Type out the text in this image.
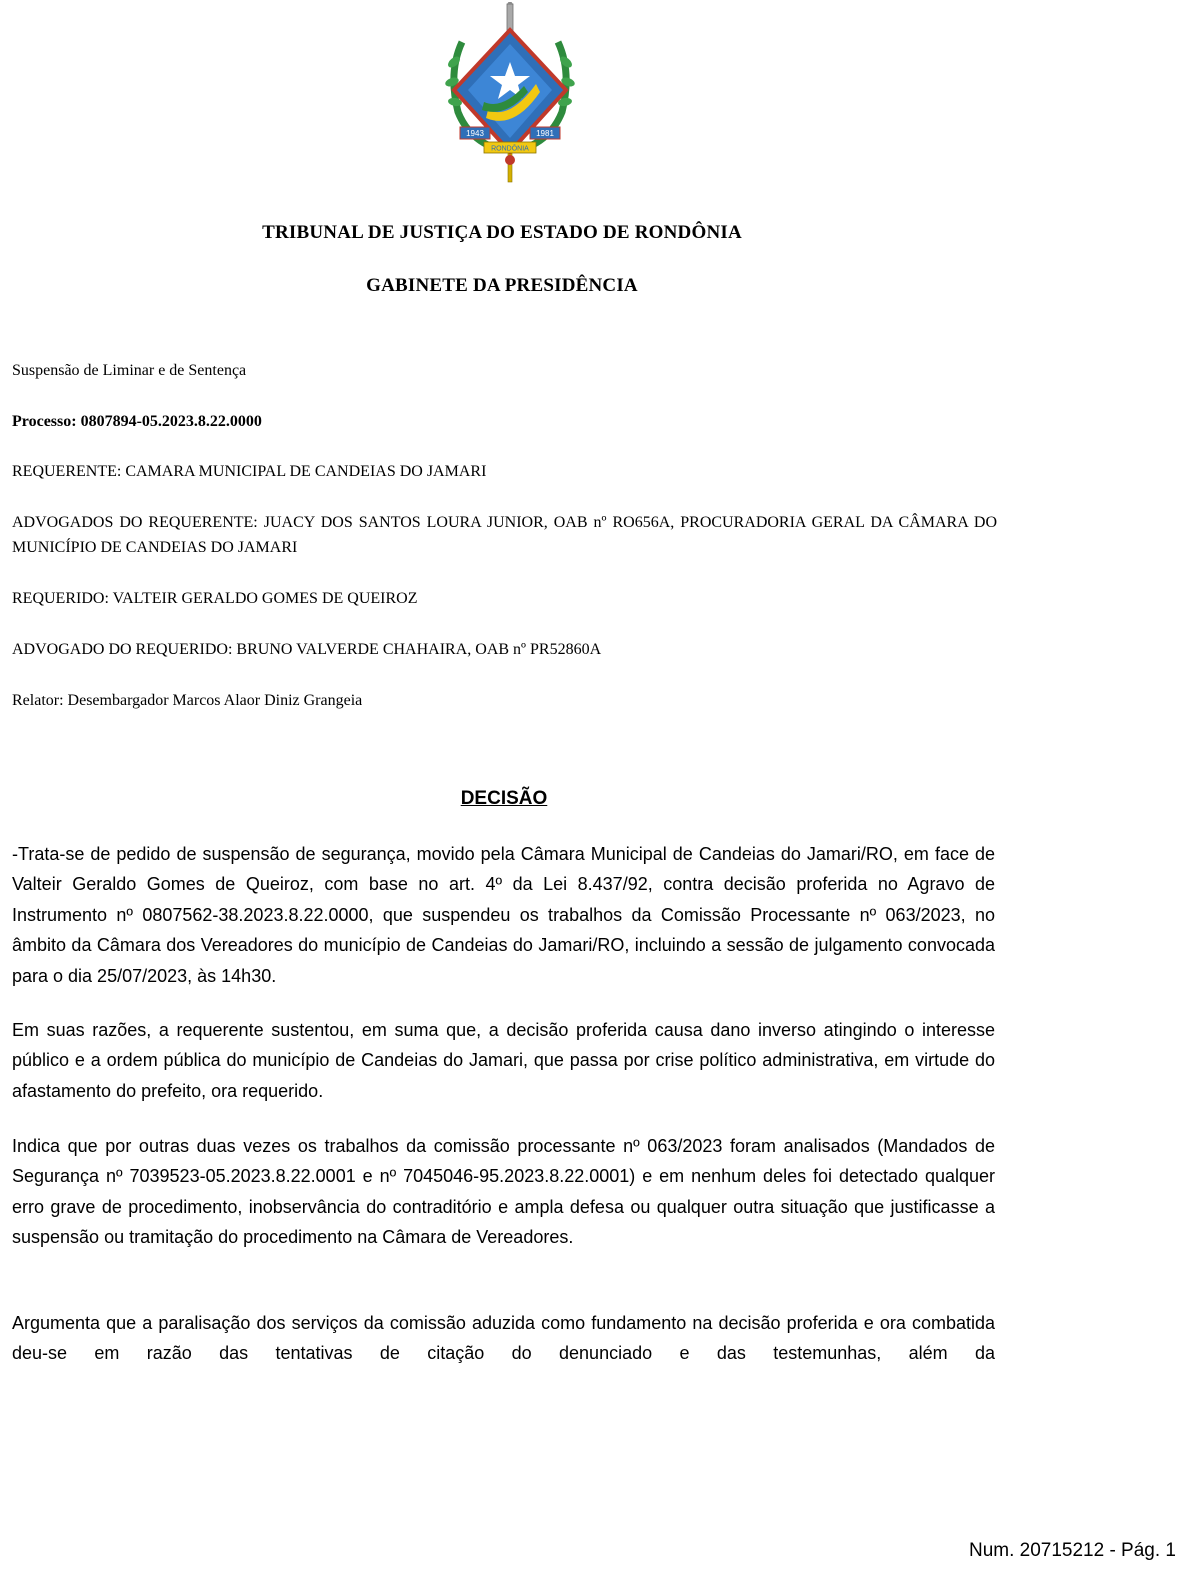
1943	1981
RONDÔNIA
TRIBUNAL DE JUSTIÇA DO ESTADO DE RONDÔNIA
GABINETE DA PRESIDÊNCIA
Suspensão de Liminar e de Sentença
Processo: 0807894-05.2023.8.22.0000
REQUERENTE: CAMARA MUNICIPAL DE CANDEIAS DO JAMARI
ADVOGADOS DO REQUERENTE: JUACY DOS SANTOS LOURA JUNIOR, OAB nº RO656A, PROCURADORIA GERAL DA CÂMARA DO MUNICÍPIO DE CANDEIAS DO JAMARI
REQUERIDO: VALTEIR GERALDO GOMES DE QUEIROZ
ADVOGADO DO REQUERIDO: BRUNO VALVERDE CHAHAIRA, OAB nº PR52860A
Relator: Desembargador Marcos Alaor Diniz Grangeia
DECISÃO

-Trata-se de pedido de suspensão de segurança, movido pela Câmara Municipal de Candeias do Jamari/RO, em face de Valteir Geraldo Gomes de Queiroz, com base no art. 4º da Lei 8.437/92, contra decisão proferida no Agravo de Instrumento nº 0807562-38.2023.8.22.0000, que suspendeu os trabalhos da Comissão Processante nº 063/2023, no âmbito da Câmara dos Vereadores do município de Candeias do Jamari/RO, incluindo a sessão de julgamento convocada para o dia 25/07/2023, às 14h30.

Em suas razões, a requerente sustentou, em suma que, a decisão proferida causa dano inverso atingindo o interesse público e a ordem pública do município de Candeias do Jamari, que passa por crise político administrativa, em virtude do afastamento do prefeito, ora requerido.

Indica que por outras duas vezes os trabalhos da comissão processante nº 063/2023 foram analisados (Mandados de Segurança nº 7039523-05.2023.8.22.0001 e nº 7045046-95.2023.8.22.0001) e em nenhum deles foi detectado qualquer erro grave de procedimento, inobservância do contraditório e ampla defesa ou qualquer outra situação que justificasse a suspensão ou tramitação do procedimento na Câmara de Vereadores.

Argumenta que a paralisação dos serviços da comissão aduzida como fundamento na decisão proferida e ora combatida deu-se em razão das tentativas de citação do denunciado e das testemunhas, além da

Num. 20715212 - Pág. 1
